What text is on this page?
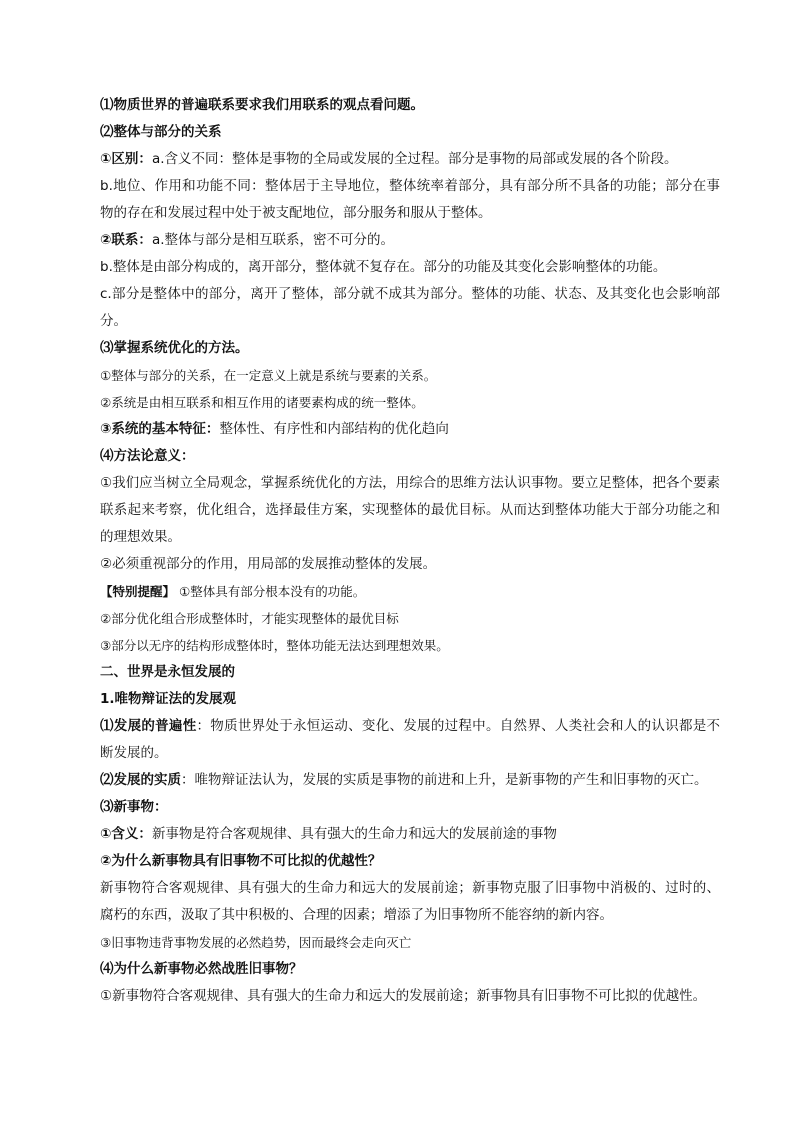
⑴物质世界的普遍联系要求我们用联系的观点看问题。
⑵整体与部分的关系
①区别：a.含义不同：整体是事物的全局或发展的全过程。部分是事物的局部或发展的各个阶段。
b.地位、作用和功能不同：整体居于主导地位，整体统率着部分，具有部分所不具备的功能；部分在事物的存在和发展过程中处于被支配地位，部分服务和服从于整体。
②联系：a.整体与部分是相互联系，密不可分的。
b.整体是由部分构成的，离开部分，整体就不复存在。部分的功能及其变化会影响整体的功能。
c.部分是整体中的部分，离开了整体，部分就不成其为部分。整体的功能、状态、及其变化也会影响部分。
⑶掌握系统优化的方法。
①整体与部分的关系，在一定意义上就是系统与要素的关系。
②系统是由相互联系和相互作用的诸要素构成的统一整体。
③系统的基本特征：整体性、有序性和内部结构的优化趋向
⑷方法论意义：
①我们应当树立全局观念，掌握系统优化的方法，用综合的思维方法认识事物。要立足整体，把各个要素联系起来考察，优化组合，选择最佳方案，实现整体的最优目标。从而达到整体功能大于部分功能之和的理想效果。
②必须重视部分的作用，用局部的发展推动整体的发展。
【特别提醒】 ①整体具有部分根本没有的功能。
②部分优化组合形成整体时，才能实现整体的最优目标
③部分以无序的结构形成整体时，整体功能无法达到理想效果。
二、世界是永恒发展的
1.唯物辩证法的发展观
⑴发展的普遍性：物质世界处于永恒运动、变化、发展的过程中。自然界、人类社会和人的认识都是不断发展的。
⑵发展的实质：唯物辩证法认为，发展的实质是事物的前进和上升，是新事物的产生和旧事物的灭亡。
⑶新事物：
①含义：新事物是符合客观规律、具有强大的生命力和远大的发展前途的事物
②为什么新事物具有旧事物不可比拟的优越性？
新事物符合客观规律、具有强大的生命力和远大的发展前途；新事物克服了旧事物中消极的、过时的、腐朽的东西，汲取了其中积极的、合理的因素；增添了为旧事物所不能容纳的新内容。
③旧事物违背事物发展的必然趋势，因而最终会走向灭亡
⑷为什么新事物必然战胜旧事物？
①新事物符合客观规律、具有强大的生命力和远大的发展前途；新事物具有旧事物不可比拟的优越性。
